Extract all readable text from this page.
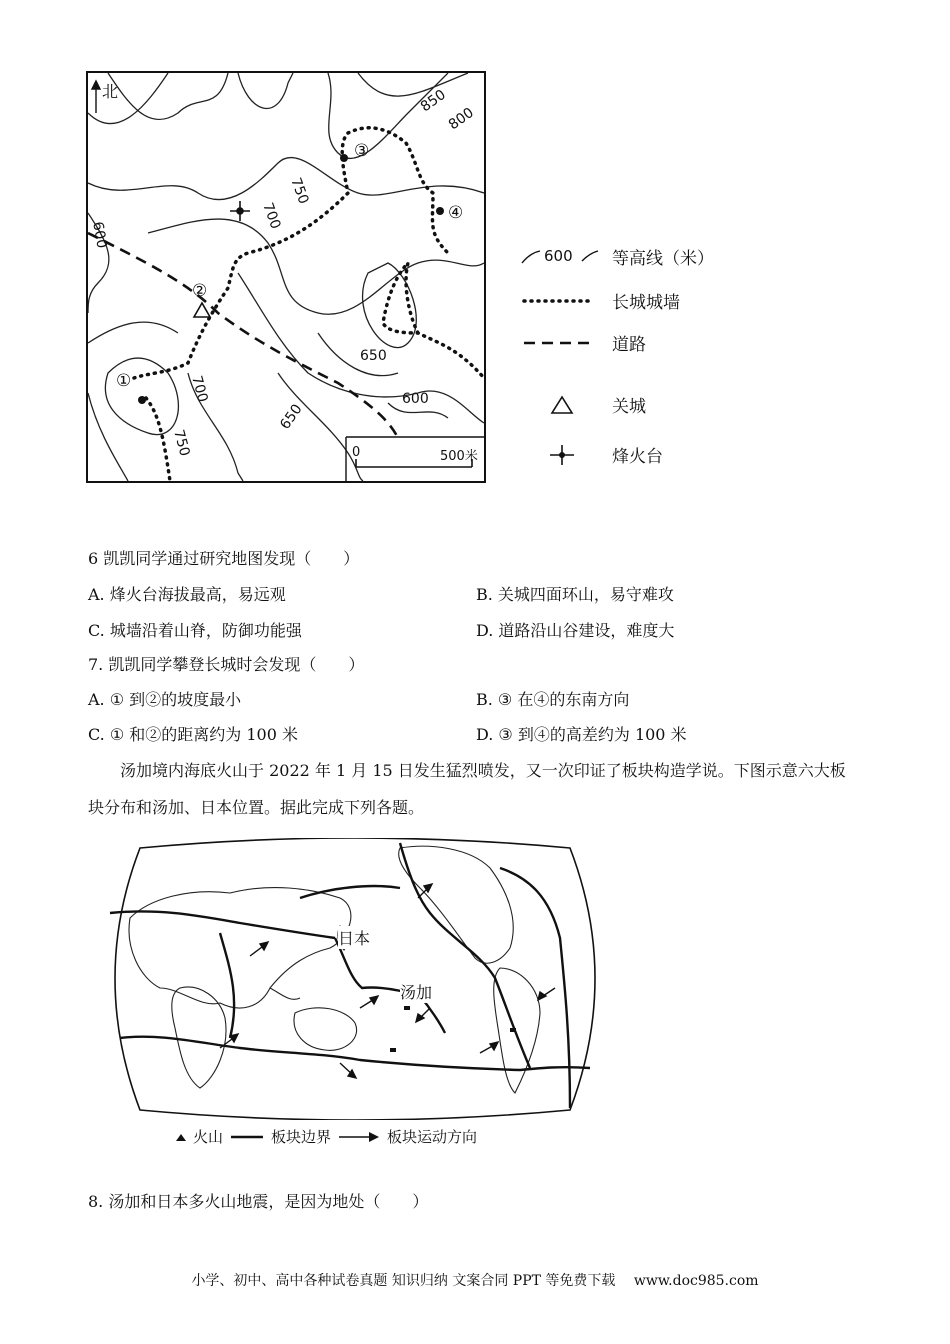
北	850
800
750
700
600
650
700
650
600
750
①
②
③
④
0	500米
600 等高线（米）
长城城墙
道路
关城
烽火台
6 凯凯同学通过研究地图发现（　　）
A. 烽火台海拔最高，易远观	B. 关城四面环山，易守难攻
C. 城墙沿着山脊，防御功能强	D. 道路沿山谷建设，难度大
7. 凯凯同学攀登长城时会发现（　　）
A. ① 到②的坡度最小	B. ③ 在④的东南方向
C. ① 和②的距离约为 100 米	D. ③ 到④的高差约为 100 米
汤加境内海底火山于 2022 年 1 月 15 日发生猛烈喷发，又一次印证了板块构造学说。下图示意六大板
块分布和汤加、日本位置。据此完成下列各题。
日本
汤加
火山	板块边界	板块运动方向
8. 汤加和日本多火山地震，是因为地处（　　）
小学、初中、高中各种试卷真题 知识归纳 文案合同 PPT 等免费下载　 www.doc985.com
